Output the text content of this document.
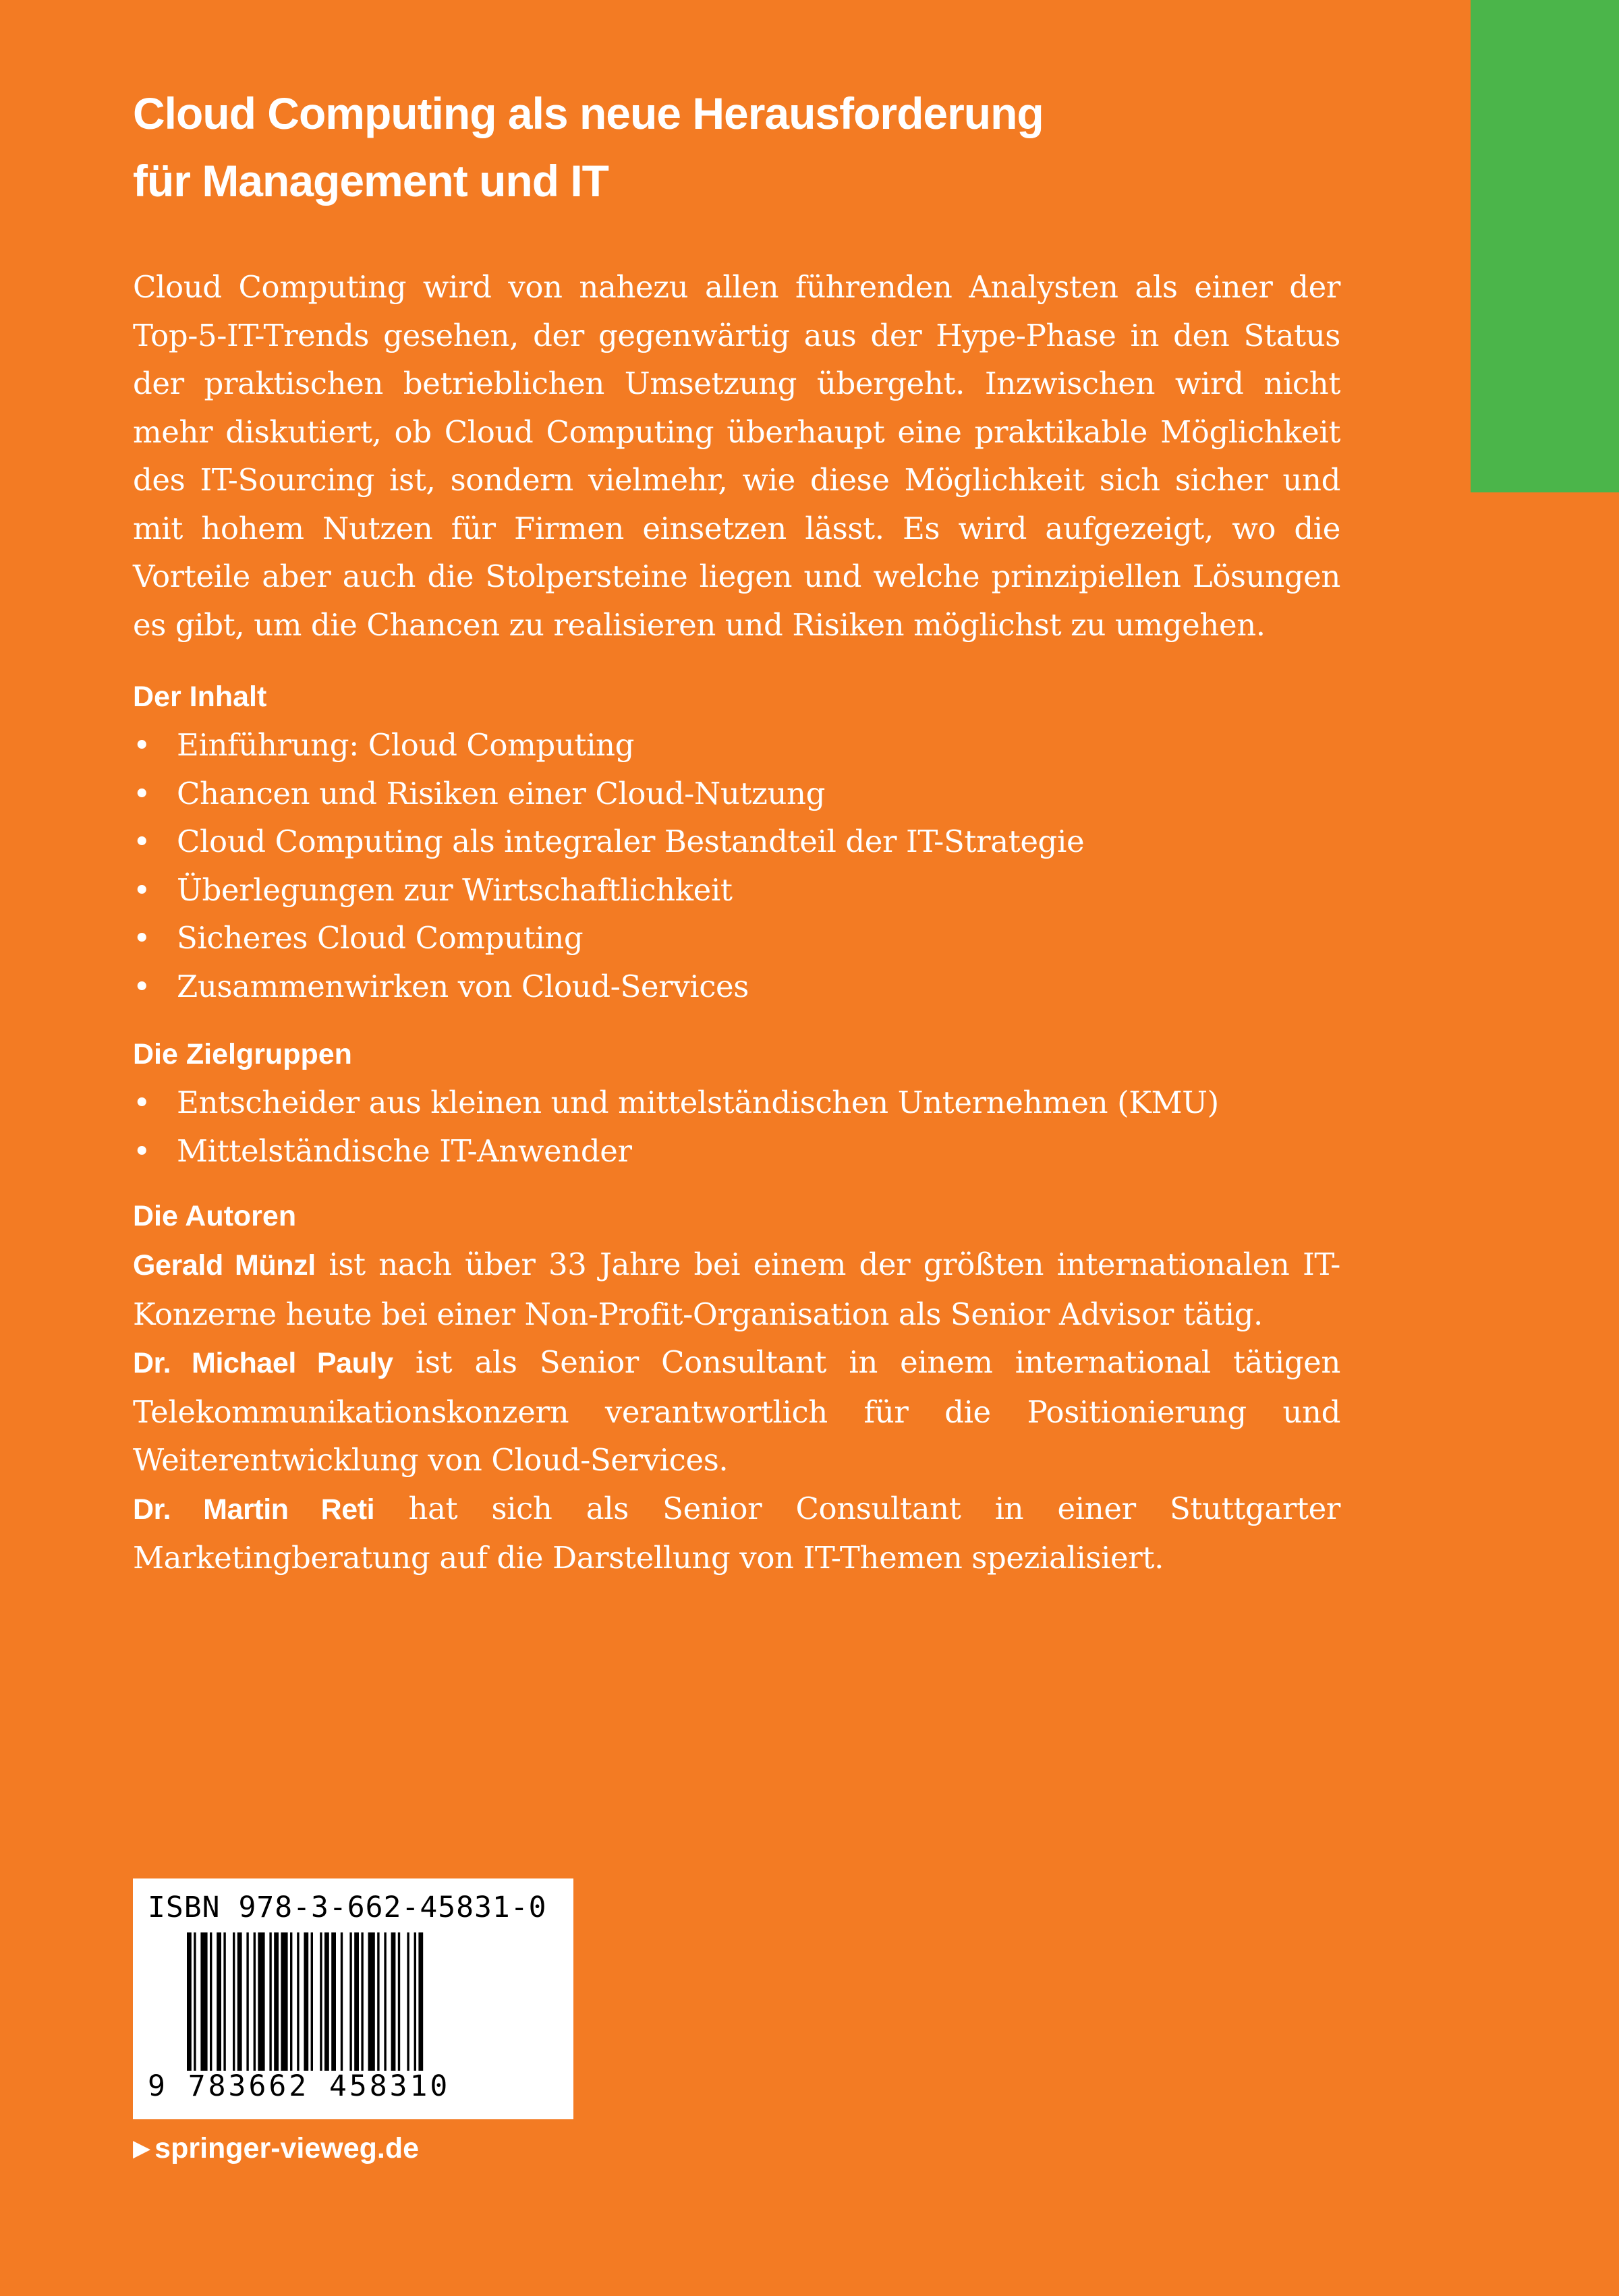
Cloud Computing als neue Herausforderung
für Management und IT

Cloud Computing wird von nahezu allen führenden Analysten als einer der Top-5-IT-Trends gesehen, der gegenwärtig aus der Hype-Phase in den Status der praktischen betrieblichen Umsetzung übergeht. Inzwischen wird nicht mehr diskutiert, ob Cloud Computing überhaupt eine praktikable Möglichkeit des IT-Sourcing ist, sondern vielmehr, wie diese Möglichkeit sich sicher und mit hohem Nutzen für Firmen einsetzen lässt. Es wird aufgezeigt, wo die Vorteile aber auch die Stolpersteine liegen und welche prinzipiellen Lösungen es gibt, um die Chancen zu realisieren und Risiken möglichst zu umgehen.

Der Inhalt
• Einführung: Cloud Computing
• Chancen und Risiken einer Cloud-Nutzung
• Cloud Computing als integraler Bestandteil der IT-Strategie
• Überlegungen zur Wirtschaftlichkeit
• Sicheres Cloud Computing
• Zusammenwirken von Cloud-Services
Die Zielgruppen
• Entscheider aus kleinen und mittelständischen Unternehmen (KMU)
• Mittelständische IT-Anwender
Die Autoren

Gerald Münzl ist nach über 33 Jahre bei einem der größten internationalen IT-Konzerne heute bei einer Non-Profit-Organisation als Senior Advisor tätig.

Dr. Michael Pauly ist als Senior Consultant in einem international tätigen Telekommunikationskonzern verantwortlich für die Positionierung und Weiterentwicklung von Cloud-Services.

Dr. Martin Reti hat sich als Senior Consultant in einer Stuttgarter Marketingberatung auf die Darstellung von IT-Themen spezialisiert.

ISBN 978-3-662-45831-0
9 783662 458310
▶ springer-vieweg.de
